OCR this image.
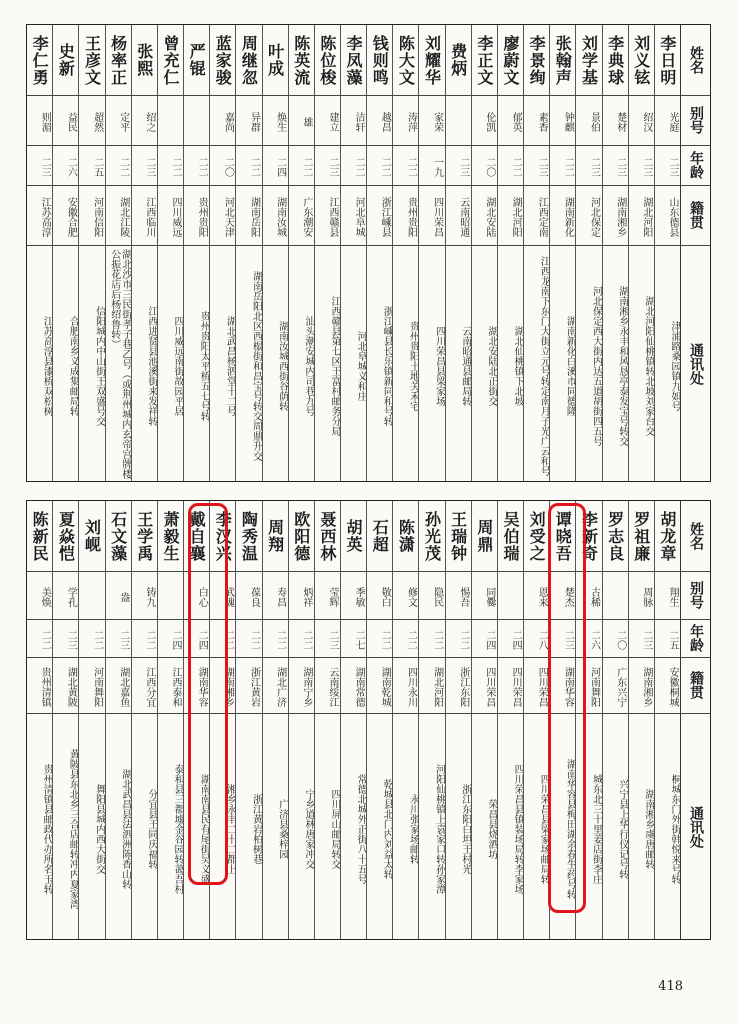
李日明
光庭
二三
山东德县
津浦路桑园镇九如号
刘义铉
绍汉
二三
湖北河阳
湖北河阳仙桃镇转北坡刘家台交
李典球
楚材
二三
湖南湘乡
湖南湘乡永丰和风恳亭泰发宝号转交
刘学基
景伯
二三
河北保定
河北保定西大街内达五道胡街四五号
张翰声
钟麒
二二
湖南新化
湖南新化白溪市同德隆
李景绚
素香
二三
江西定南
江西龙南下东门大街立元号转定南月子光广云和号
廖蔚文
郁英
二二
湖北河阳
湖北仙桃镇下北坡
李正文
伦凯
二〇
湖北安陆
湖北安陆北正街交
费炳
二三
云南昭通
云南昭通县邮局转
刘耀华
家荣
一九
四川荣昌
四川荣昌县梁家场
陈大文
涛萍
二二
贵州贵阳
贵州贵阳土地关禾宅
钱则鸣
越昌
二二
浙江嵊县
浙江嵊县长乐镇新同和号转
李凤藻
洁轩
二二
河北阜城
河北阜城义和庄
陈位梭
建立
二三
江西赣县
江西赣县第七区王富村邮务分局
陈英流
雄
二二
广东潮安
汕头潮安城内司巷九号
叶成
焕生
二四
湖南汝城
湖南汝城西街谷荫转
周继忽
异群
二二
湖南岳阳
湖南岳阳北区西榻街和昌宝号转交周鼎升交
蓝家骏
嘉尚
二〇
河北天津
湖北武昌杨泗堂十二号
严锟
二二
贵州贵阳
贵州贵阳太平桥五七号转
曾充仁
二二
四川威远
四川威远南街故园平居
张熙
绍之
二三
江西临川
江西进贤县池溪街来发祥转
杨率正
定平
二二
湖北江陵
湖北沙市三民街孝子巷乙号（或荆州城内玄帝宫牌楼公振花店后杨绍鲁转）
王彦文
超然
二五
河南信阳
信阳城内中山街王双盛号交
史新
益民
二六
安徽合肥
合肥南乡义成集邮局转
李仁勇
则湄
二三
江苏高淳
江苏高淳县漆桥双松树
姓名
别号
年龄
籍贯
通讯处
胡龙章
翔生
二五
安徽桐城
桐城东门外街韩悦来号转
罗祖廉
周脉
二三
湖南湘乡
湖南湘乡虞唐邮转
罗志良
二〇
广东兴宁
兴宁县上华行仪记号转
李新奇
古稀
二六
河南舞阳
城东北三十里姜店街李庄
谭晓吾
楚杰
二三
湖南华容
湖南华容县梅田湖余春生药号转
刘受之
恩来
二八
四川荣昌
四川荣昌县梁家场邮局转
吴伯瑞
二四
四川荣昌
四川荣昌县镇装场局转李家场
周鼎
同爨
二四
四川荣昌
荣昌县烧酒坊
王瑞钟
惕吾
二二
浙江东阳
浙江东阳白坦王村光
孙光茂
隐民
二二
湖北河阳
河阳仙桃镇上袁家口转孙家潭
陈潇
修文
二二
四川永川
永川张家场邮转
石超
敬白
二二
湖南乾城
乾城县北门内刘益太转
胡英
季敏
二七
湖南常德
常德北城外正街八十五号
聂西林
莹辉
二三
云南绥江
四川屏山邮局转交
欧阳德
炳祥
二二
湖南宁乡
宁乡道林唐家冲交
周翔
寿昌
二二
湖北广济
广济县桑梓园
陶秀温
葆良
二二
浙江黄岩
浙江黄岩柏树巷
李汉兴
武魂
二二
湖南湘乡
湘乡永丰二十二都上
戴自襄
白心
二四
湖南华容
湖南南县民有尾街吴义盛
萧毅生
二四
江西泰和
泰和县三都墟金谷园转蔼吾村
王学禹
铸九
二二
江西分宜
分宜县王同庆福转
石文藻
盎
二三
湖北嘉鱼
湖北武昌县法泗洲陈香山转
刘岘
二二
河南舞阳
舞阳县城内西大街交
夏焱恺
学孔
二三
湖北黄陂
黄陂县东北乡三合店邮转冲内夏家湾
陈新民
美焕
二二
贵州清镇
贵州清镇县邮政代办所名玉转
姓名
别号
年龄
籍贯
通讯处
418
